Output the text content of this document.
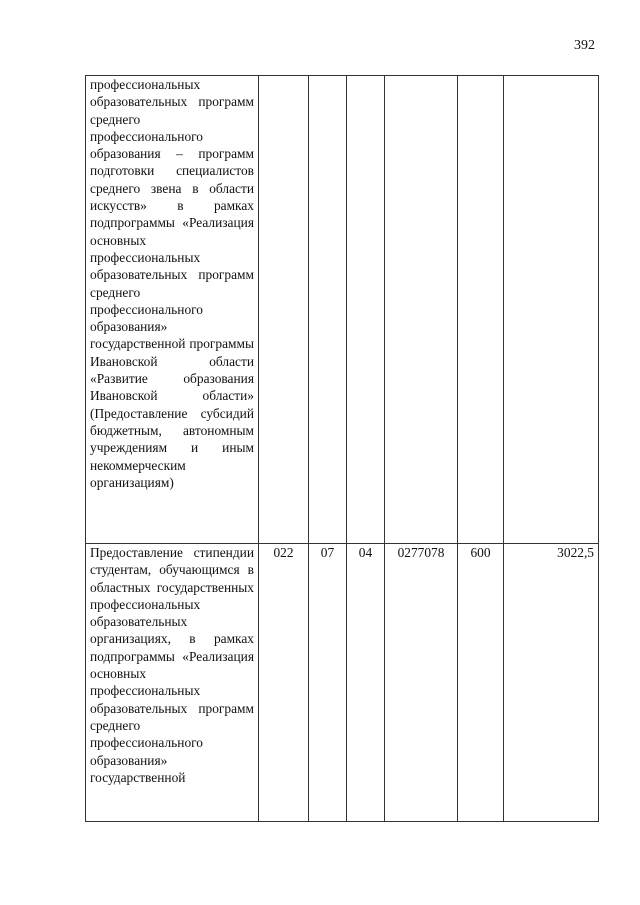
392
профессиональных образовательных программ среднего профессионального образования – программ подготовки специалистов среднего звена в области искусств» в рамках подпрограммы «Реализация основных профессиональных образовательных программ среднего профессионального образования» государственной программы Ивановской области «Развитие образования Ивановской области» (Предоставление субсидий бюджетным, автономным учреждениям и иным некоммерческим организациям)						
Предоставление стипендии студентам, обучающимся в областных государственных профессиональных образовательных организациях, в рамках подпрограммы «Реализация основных профессиональных образовательных программ среднего профессионального образования» государственной	022	07	04	0277078	600	3022,5
